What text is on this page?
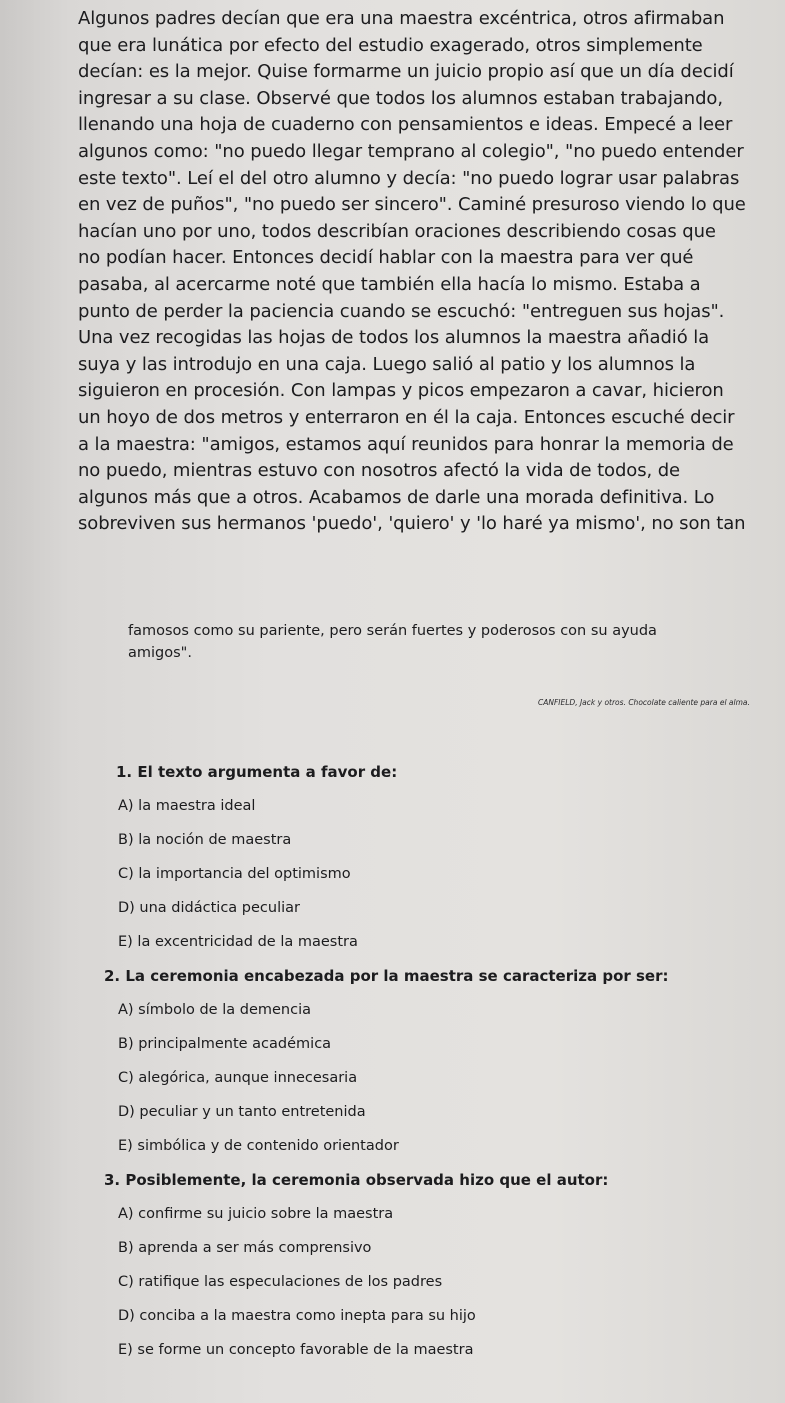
Algunos padres decían que era una maestra excéntrica, otros afirmaban
que era lunática por efecto del estudio exagerado, otros simplemente
decían: es la mejor. Quise formarme un juicio propio así que un día decidí
ingresar a su clase. Observé que todos los alumnos estaban trabajando,
llenando una hoja de cuaderno con pensamientos e ideas. Empecé a leer
algunos como: "no puedo llegar temprano al colegio", "no puedo entender
este texto". Leí el del otro alumno y decía: "no puedo lograr usar palabras
en vez de puños", "no puedo ser sincero". Caminé presuroso viendo lo que
hacían uno por uno, todos describían oraciones describiendo cosas que
no podían hacer. Entonces decidí hablar con la maestra para ver qué
pasaba, al acercarme noté que también ella hacía lo mismo. Estaba a
punto de perder la paciencia cuando se escuchó: "entreguen sus hojas".
Una vez recogidas las hojas de todos los alumnos la maestra añadió la
suya y las introdujo en una caja. Luego salió al patio y los alumnos la
siguieron en procesión. Con lampas y picos empezaron a cavar, hicieron
un hoyo de dos metros y enterraron en él la caja. Entonces escuché decir
a la maestra: "amigos, estamos aquí reunidos para honrar la memoria de
no puedo, mientras estuvo con nosotros afectó la vida de todos, de
algunos más que a otros. Acabamos de darle una morada definitiva. Lo
sobreviven sus hermanos 'puedo', 'quiero' y 'lo haré ya mismo', no son tan
famosos como su pariente, pero serán fuertes y poderosos con su ayuda
amigos".
CANFIELD, Jack y otros. Chocolate caliente para el alma.
1. El texto argumenta a favor de:
A) la maestra ideal
B) la noción de maestra
C) la importancia del optimismo
D) una didáctica peculiar
E) la excentricidad de la maestra
2. La ceremonia encabezada por la maestra se caracteriza por ser:
A) símbolo de la demencia
B) principalmente académica
C) alegórica, aunque innecesaria
D) peculiar y un tanto entretenida
E) simbólica y de contenido orientador
3. Posiblemente, la ceremonia observada hizo que el autor:
A) confirme su juicio sobre la maestra
B) aprenda a ser más comprensivo
C) ratifique las especulaciones de los padres
D) conciba a la maestra como inepta para su hijo
E) se forme un concepto favorable de la maestra
